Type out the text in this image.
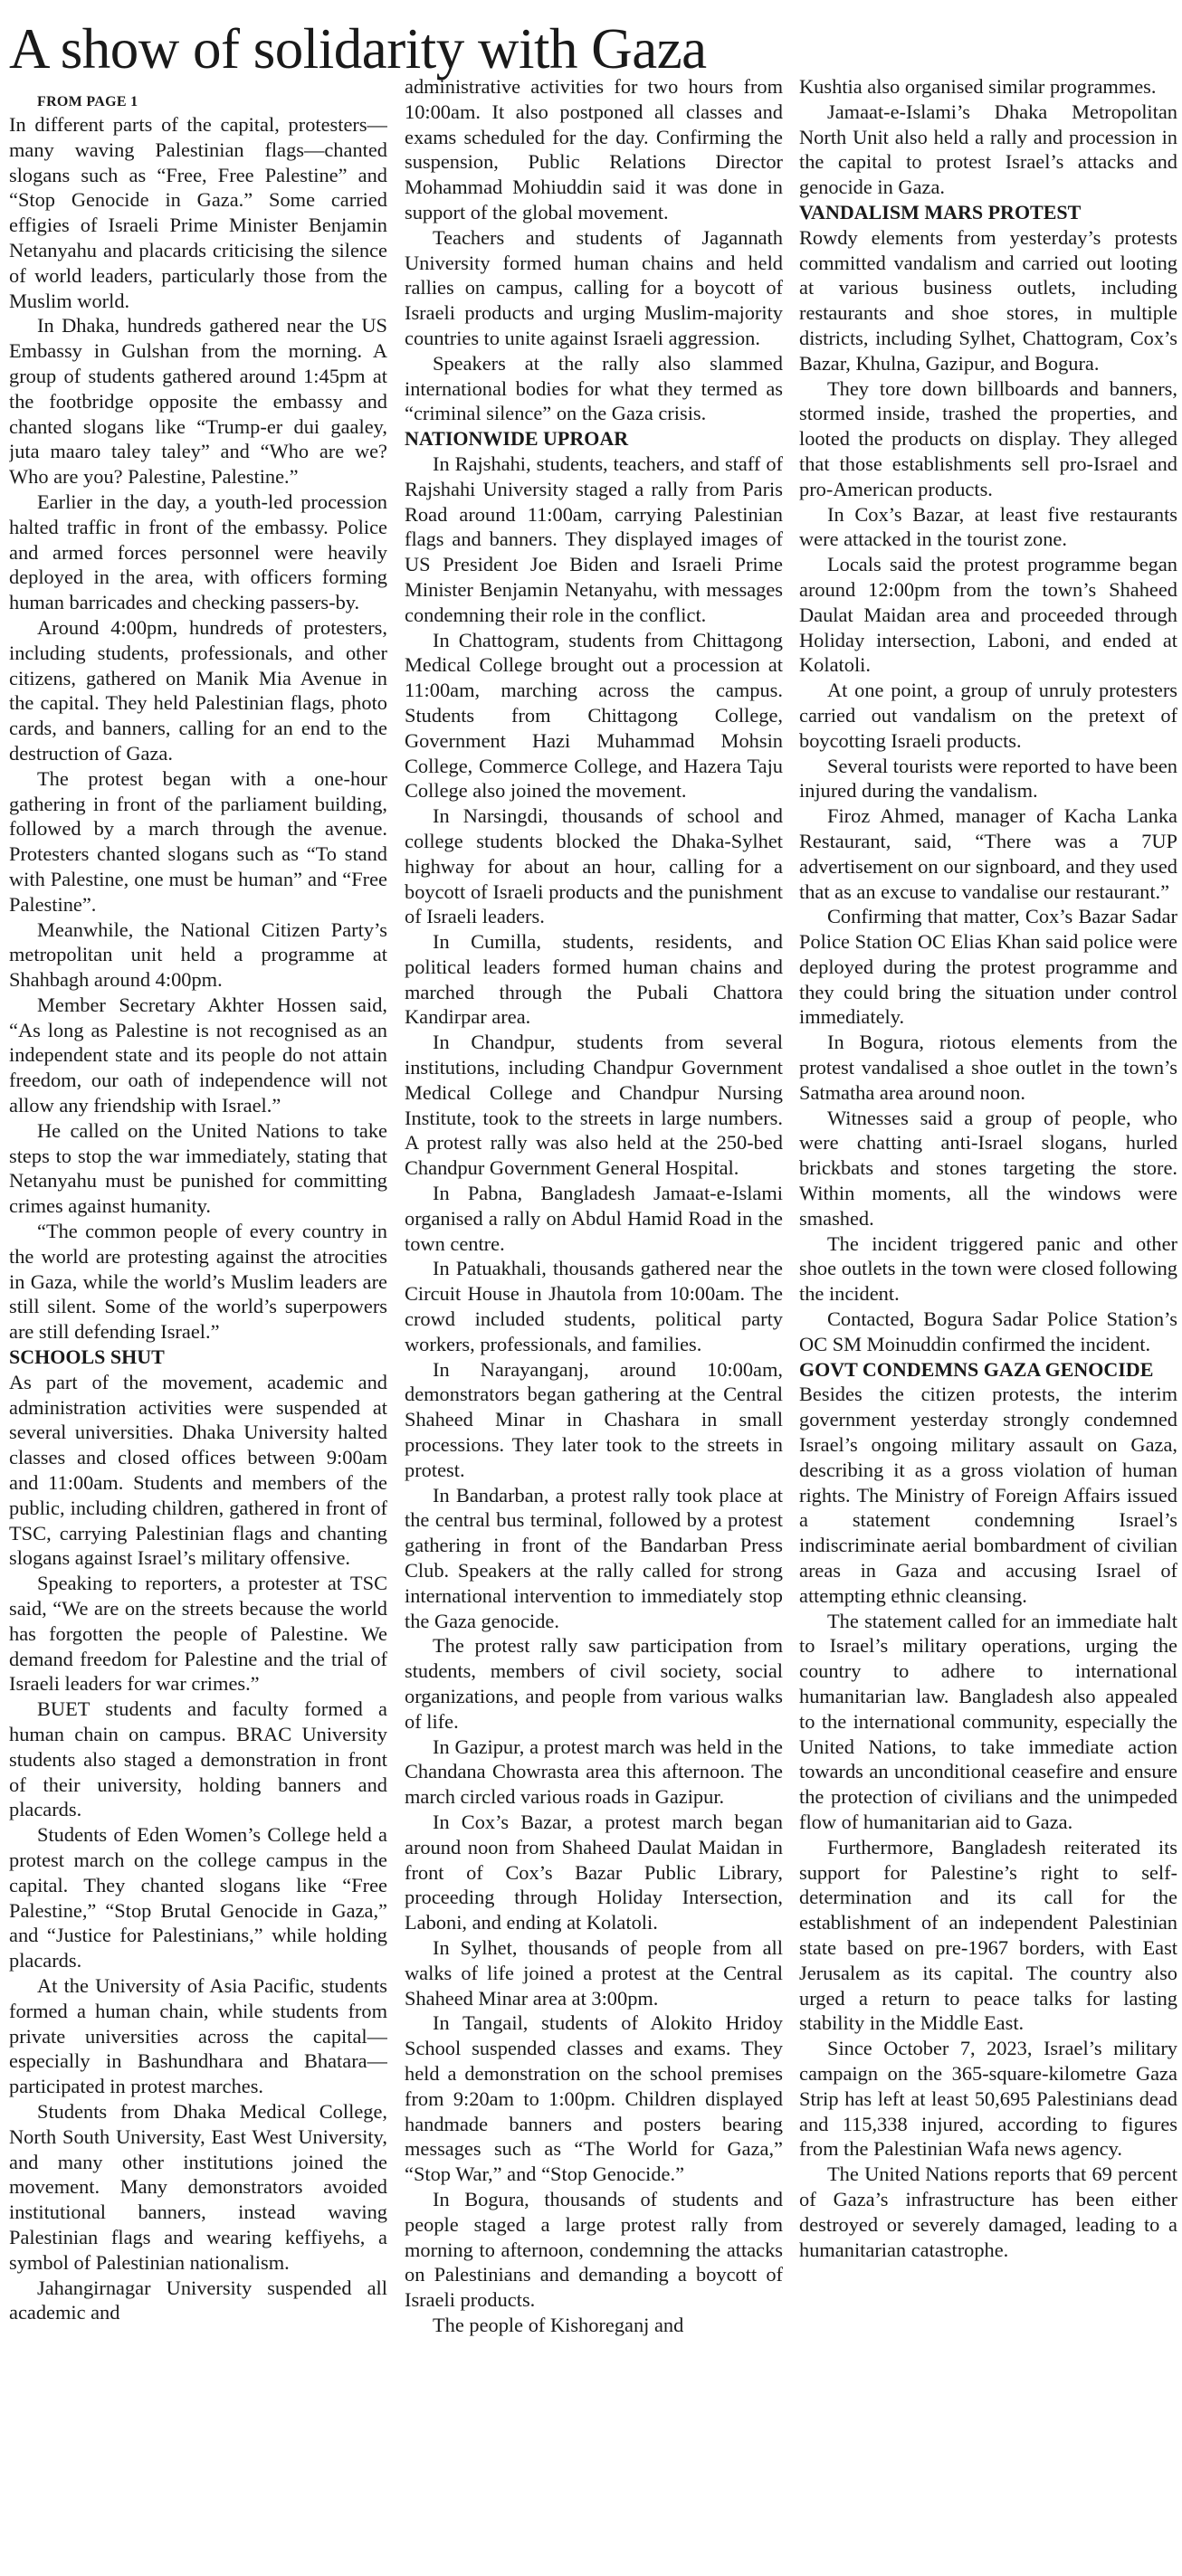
A show of solidarity with Gaza

FROM PAGE 1

In different parts of the capital, protesters—many waving Palestinian flags—chanted slogans such as “Free, Free Palestine” and “Stop Genocide in Gaza.” Some carried effigies of Israeli Prime Minister Benjamin Netanyahu and placards criticising the silence of world leaders, particularly those from the Muslim world.

In Dhaka, hundreds gathered near the US Embassy in Gulshan from the morning. A group of students gathered around 1:45pm at the footbridge opposite the embassy and chanted slogans like “Trump-er dui gaaley, juta maaro taley taley” and “Who are we? Who are you? Palestine, Palestine.”

Earlier in the day, a youth-led procession halted traffic in front of the embassy. Police and armed forces personnel were heavily deployed in the area, with officers forming human barricades and checking passers-by.

Around 4:00pm, hundreds of protesters, including students, professionals, and other citizens, gathered on Manik Mia Avenue in the capital. They held Palestinian flags, photo cards, and banners, calling for an end to the destruction of Gaza.

The protest began with a one-hour gathering in front of the parliament building, followed by a march through the avenue. Protesters chanted slogans such as “To stand with Palestine, one must be human” and “Free Palestine”.

Meanwhile, the National Citizen Party’s metropolitan unit held a programme at Shahbagh around 4:00pm.

Member Secretary Akhter Hossen said, “As long as Palestine is not recognised as an independent state and its people do not attain freedom, our oath of independence will not allow any friendship with Israel.”

He called on the United Nations to take steps to stop the war immediately, stating that Netanyahu must be punished for committing crimes against humanity.

“The common people of every country in the world are protesting against the atrocities in Gaza, while the world’s Muslim leaders are still silent. Some of the world’s superpowers are still defending Israel.”

SCHOOLS SHUT

As part of the movement, academic and administration activities were suspended at several universities. Dhaka University halted classes and closed offices between 9:00am and 11:00am. Students and members of the public, including children, gathered in front of TSC, carrying Palestinian flags and chanting slogans against Israel’s military offensive.

Speaking to reporters, a protester at TSC said, “We are on the streets because the world has forgotten the people of Palestine. We demand freedom for Palestine and the trial of Israeli leaders for war crimes.”

BUET students and faculty formed a human chain on campus. BRAC University students also staged a demonstration in front of their university, holding banners and placards.

Students of Eden Women’s College held a protest march on the college campus in the capital. They chanted slogans like “Free Palestine,” “Stop Brutal Genocide in Gaza,” and “Justice for Palestinians,” while holding placards.

At the University of Asia Pacific, students formed a human chain, while students from private universities across the capital—especially in Bashundhara and Bhatara—participated in protest marches.

Students from Dhaka Medical College, North South University, East West University, and many other institutions joined the movement. Many demonstrators avoided institutional banners, instead waving Palestinian flags and wearing keffiyehs, a symbol of Palestinian nationalism.

Jahangirnagar University suspended all academic and

administrative activities for two hours from 10:00am. It also postponed all classes and exams scheduled for the day. Confirming the suspension, Public Relations Director Mohammad Mohiuddin said it was done in support of the global movement.

Teachers and students of Jagannath University formed human chains and held rallies on campus, calling for a boycott of Israeli products and urging Muslim-majority countries to unite against Israeli aggression.

Speakers at the rally also slammed international bodies for what they termed as “criminal silence” on the Gaza crisis.

NATIONWIDE UPROAR

In Rajshahi, students, teachers, and staff of Rajshahi University staged a rally from Paris Road around 11:00am, carrying Palestinian flags and banners. They displayed images of US President Joe Biden and Israeli Prime Minister Benjamin Netanyahu, with messages condemning their role in the conflict.

In Chattogram, students from Chittagong Medical College brought out a procession at 11:00am, marching across the campus. Students from Chittagong College, Government Hazi Muhammad Mohsin College, Commerce College, and Hazera Taju College also joined the movement.

In Narsingdi, thousands of school and college students blocked the Dhaka-Sylhet highway for about an hour, calling for a boycott of Israeli products and the punishment of Israeli leaders.

In Cumilla, students, residents, and political leaders formed human chains and marched through the Pubali Chattora Kandirpar area.

In Chandpur, students from several institutions, including Chandpur Government Medical College and Chandpur Nursing Institute, took to the streets in large numbers. A protest rally was also held at the 250-bed Chandpur Government General Hospital.

In Pabna, Bangladesh Jamaat-e-Islami organised a rally on Abdul Hamid Road in the town centre.

In Patuakhali, thousands gathered near the Circuit House in Jhautola from 10:00am. The crowd included students, political party workers, professionals, and families.

In Narayanganj, around 10:00am, demonstrators began gathering at the Central Shaheed Minar in Chashara in small processions. They later took to the streets in protest.

In Bandarban, a protest rally took place at the central bus terminal, followed by a protest gathering in front of the Bandarban Press Club. Speakers at the rally called for strong international intervention to immediately stop the Gaza genocide.

The protest rally saw participation from students, members of civil society, social organizations, and people from various walks of life.

In Gazipur, a protest march was held in the Chandana Chowrasta area this afternoon. The march circled various roads in Gazipur.

In Cox’s Bazar, a protest march began around noon from Shaheed Daulat Maidan in front of Cox’s Bazar Public Library, proceeding through Holiday Intersection, Laboni, and ending at Kolatoli.

In Sylhet, thousands of people from all walks of life joined a protest at the Central Shaheed Minar area at 3:00pm.

In Tangail, students of Alokito Hridoy School suspended classes and exams. They held a demonstration on the school premises from 9:20am to 1:00pm. Children displayed handmade banners and posters bearing messages such as “The World for Gaza,” “Stop War,” and “Stop Genocide.”

In Bogura, thousands of students and people staged a large protest rally from morning to afternoon, condemning the attacks on Palestinians and demanding a boycott of Israeli products.

The people of Kishoreganj and

Kushtia also organised similar programmes.

Jamaat-e-Islami’s Dhaka Metropolitan North Unit also held a rally and procession in the capital to protest Israel’s attacks and genocide in Gaza.

VANDALISM MARS PROTEST

Rowdy elements from yesterday’s protests committed vandalism and carried out looting at various business outlets, including restaurants and shoe stores, in multiple districts, including Sylhet, Chattogram, Cox’s Bazar, Khulna, Gazipur, and Bogura.

They tore down billboards and banners, stormed inside, trashed the properties, and looted the products on display. They alleged that those establishments sell pro-Israel and pro-American products.

In Cox’s Bazar, at least five restaurants were attacked in the tourist zone.

Locals said the protest programme began around 12:00pm from the town’s Shaheed Daulat Maidan area and proceeded through Holiday intersection, Laboni, and ended at Kolatoli.

At one point, a group of unruly protesters carried out vandalism on the pretext of boycotting Israeli products.

Several tourists were reported to have been injured during the vandalism.

Firoz Ahmed, manager of Kacha Lanka Restaurant, said, “There was a 7UP advertisement on our signboard, and they used that as an excuse to vandalise our restaurant.”

Confirming that matter, Cox’s Bazar Sadar Police Station OC Elias Khan said police were deployed during the protest programme and they could bring the situation under control immediately.

In Bogura, riotous elements from the protest vandalised a shoe outlet in the town’s Satmatha area around noon.

Witnesses said a group of people, who were chatting anti-Israel slogans, hurled brickbats and stones targeting the store. Within moments, all the windows were smashed.

The incident triggered panic and other shoe outlets in the town were closed following the incident.

Contacted, Bogura Sadar Police Station’s OC SM Moinuddin confirmed the incident.

GOVT CONDEMNS GAZA GENOCIDE

Besides the citizen protests, the interim government yesterday strongly condemned Israel’s ongoing military assault on Gaza, describing it as a gross violation of human rights. The Ministry of Foreign Affairs issued a statement condemning Israel’s indiscriminate aerial bombardment of civilian areas in Gaza and accusing Israel of attempting ethnic cleansing.

The statement called for an immediate halt to Israel’s military operations, urging the country to adhere to international humanitarian law. Bangladesh also appealed to the international community, especially the United Nations, to take immediate action towards an unconditional ceasefire and ensure the protection of civilians and the unimpeded flow of humanitarian aid to Gaza.

Furthermore, Bangladesh reiterated its support for Palestine’s right to self-determination and its call for the establishment of an independent Palestinian state based on pre-1967 borders, with East Jerusalem as its capital. The country also urged a return to peace talks for lasting stability in the Middle East.

Since October 7, 2023, Israel’s military campaign on the 365-square-kilometre Gaza Strip has left at least 50,695 Palestinians dead and 115,338 injured, according to figures from the Palestinian Wafa news agency.

The United Nations reports that 69 percent of Gaza’s infrastructure has been either destroyed or severely damaged, leading to a humanitarian catastrophe.
